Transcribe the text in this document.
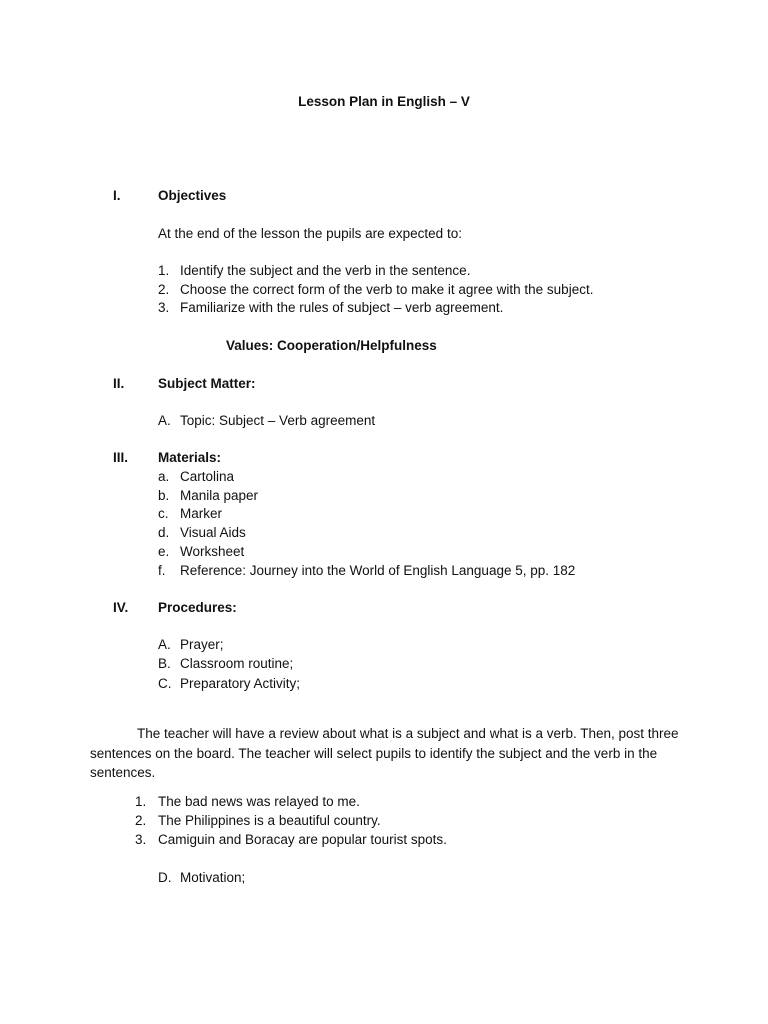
Lesson Plan in English – V
I.	Objectives
At the end of the lesson the pupils are expected to:
1. Identify the subject and the verb in the sentence.
2. Choose the correct form of the verb to make it agree with the subject.
3. Familiarize with the rules of subject – verb agreement.
Values: Cooperation/Helpfulness
II. Subject Matter:
A. Topic: Subject – Verb agreement
III. Materials:
a. Cartolina
b. Manila paper
c. Marker
d. Visual Aids
e. Worksheet
f. Reference: Journey into the World of English Language 5, pp. 182
IV. Procedures:
A. Prayer;
B. Classroom routine;
C. Preparatory Activity;
The teacher will have a review about what is a subject and what is a verb. Then, post three sentences on the board. The teacher will select pupils to identify the subject and the verb in the sentences.
1. The bad news was relayed to me.
2. The Philippines is a beautiful country.
3. Camiguin and Boracay are popular tourist spots.
D. Motivation;
